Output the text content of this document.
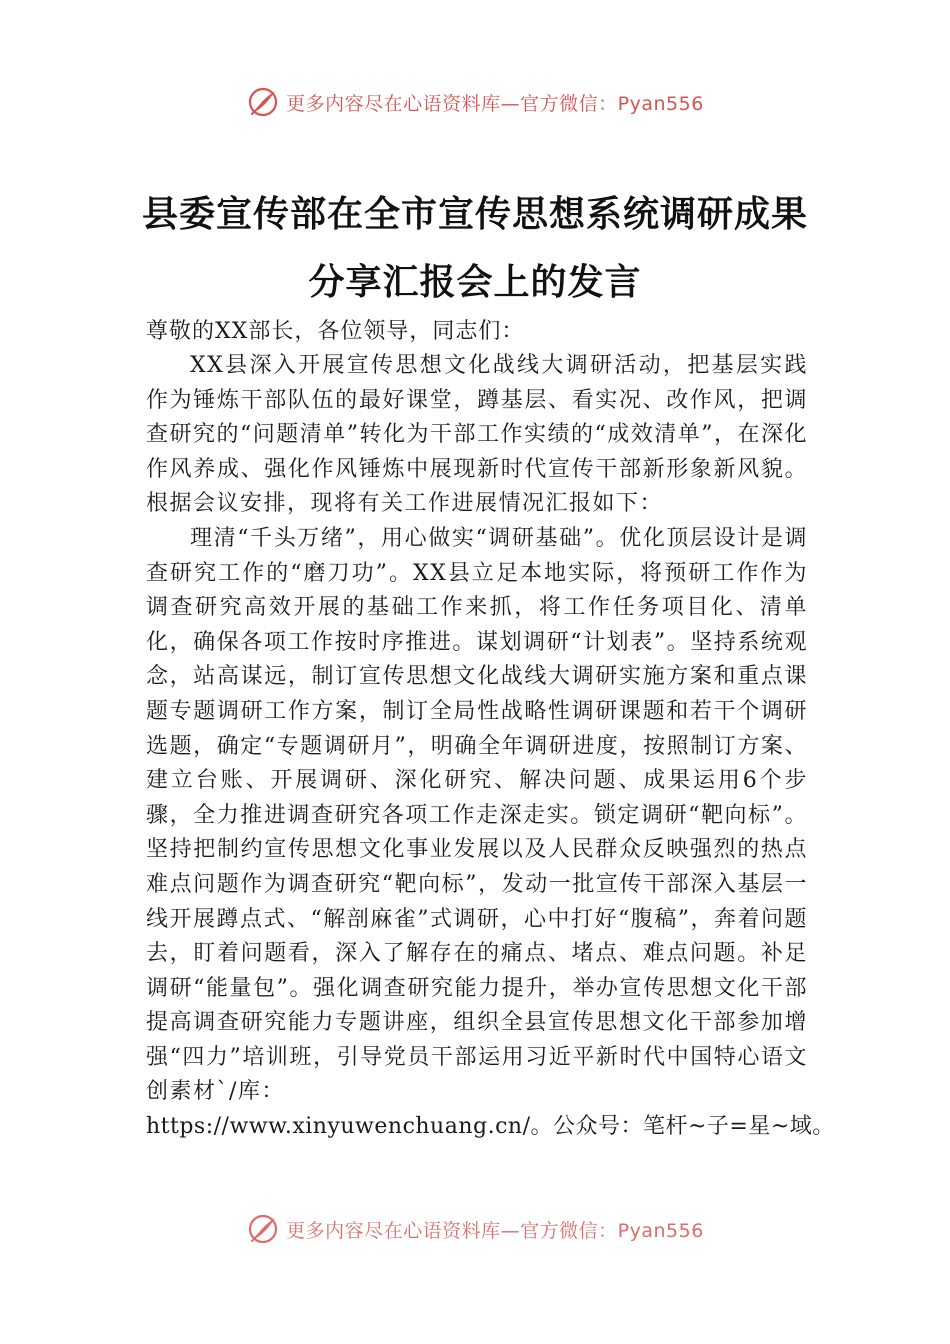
更多内容尽在心语资料库—官方微信：Pyan556
县委宣传部在全市宣传思想系统调研成果
分享汇报会上的发言

尊敬的XX部长，各位领导，同志们：

XX县深入开展宣传思想文化战线大调研活动，把基层实践作为锤炼干部队伍的最好课堂，蹲基层、看实况、改作风，把调查研究的“问题清单”转化为干部工作实绩的“成效清单”，在深化作风养成、强化作风锤炼中展现新时代宣传干部新形象新风貌。根据会议安排，现将有关工作进展情况汇报如下：

理清“千头万绪”，用心做实“调研基础”。优化顶层设计是调查研究工作的“磨刀功”。XX县立足本地实际，将预研工作作为调查研究高效开展的基础工作来抓，将工作任务项目化、清单化，确保各项工作按时序推进。谋划调研“计划表”。坚持系统观念，站高谋远，制订宣传思想文化战线大调研实施方案和重点课题专题调研工作方案，制订全局性战略性调研课题和若干个调研选题，确定“专题调研月”，明确全年调研进度，按照制订方案、建立台账、开展调研、深化研究、解决问题、成果运用6个步骤，全力推进调查研究各项工作走深走实。锁定调研“靶向标”。坚持把制约宣传思想文化事业发展以及人民群众反映强烈的热点难点问题作为调查研究“靶向标”，发动一批宣传干部深入基层一线开展蹲点式、“解剖麻雀”式调研，心中打好“腹稿”，奔着问题去，盯着问题看，深入了解存在的痛点、堵点、难点问题。补足调研“能量包”。强化调查研究能力提升，举办宣传思想文化干部提高调查研究能力专题讲座，组织全县宣传思想文化干部参加增强“四力”培训班，引导党员干部运用习近平新时代中国特心语文创素材`/库：

https://www.xinyuwenchuang.cn/。公众号：笔杆~子=星~域。

更多内容尽在心语资料库—官方微信：Pyan556
